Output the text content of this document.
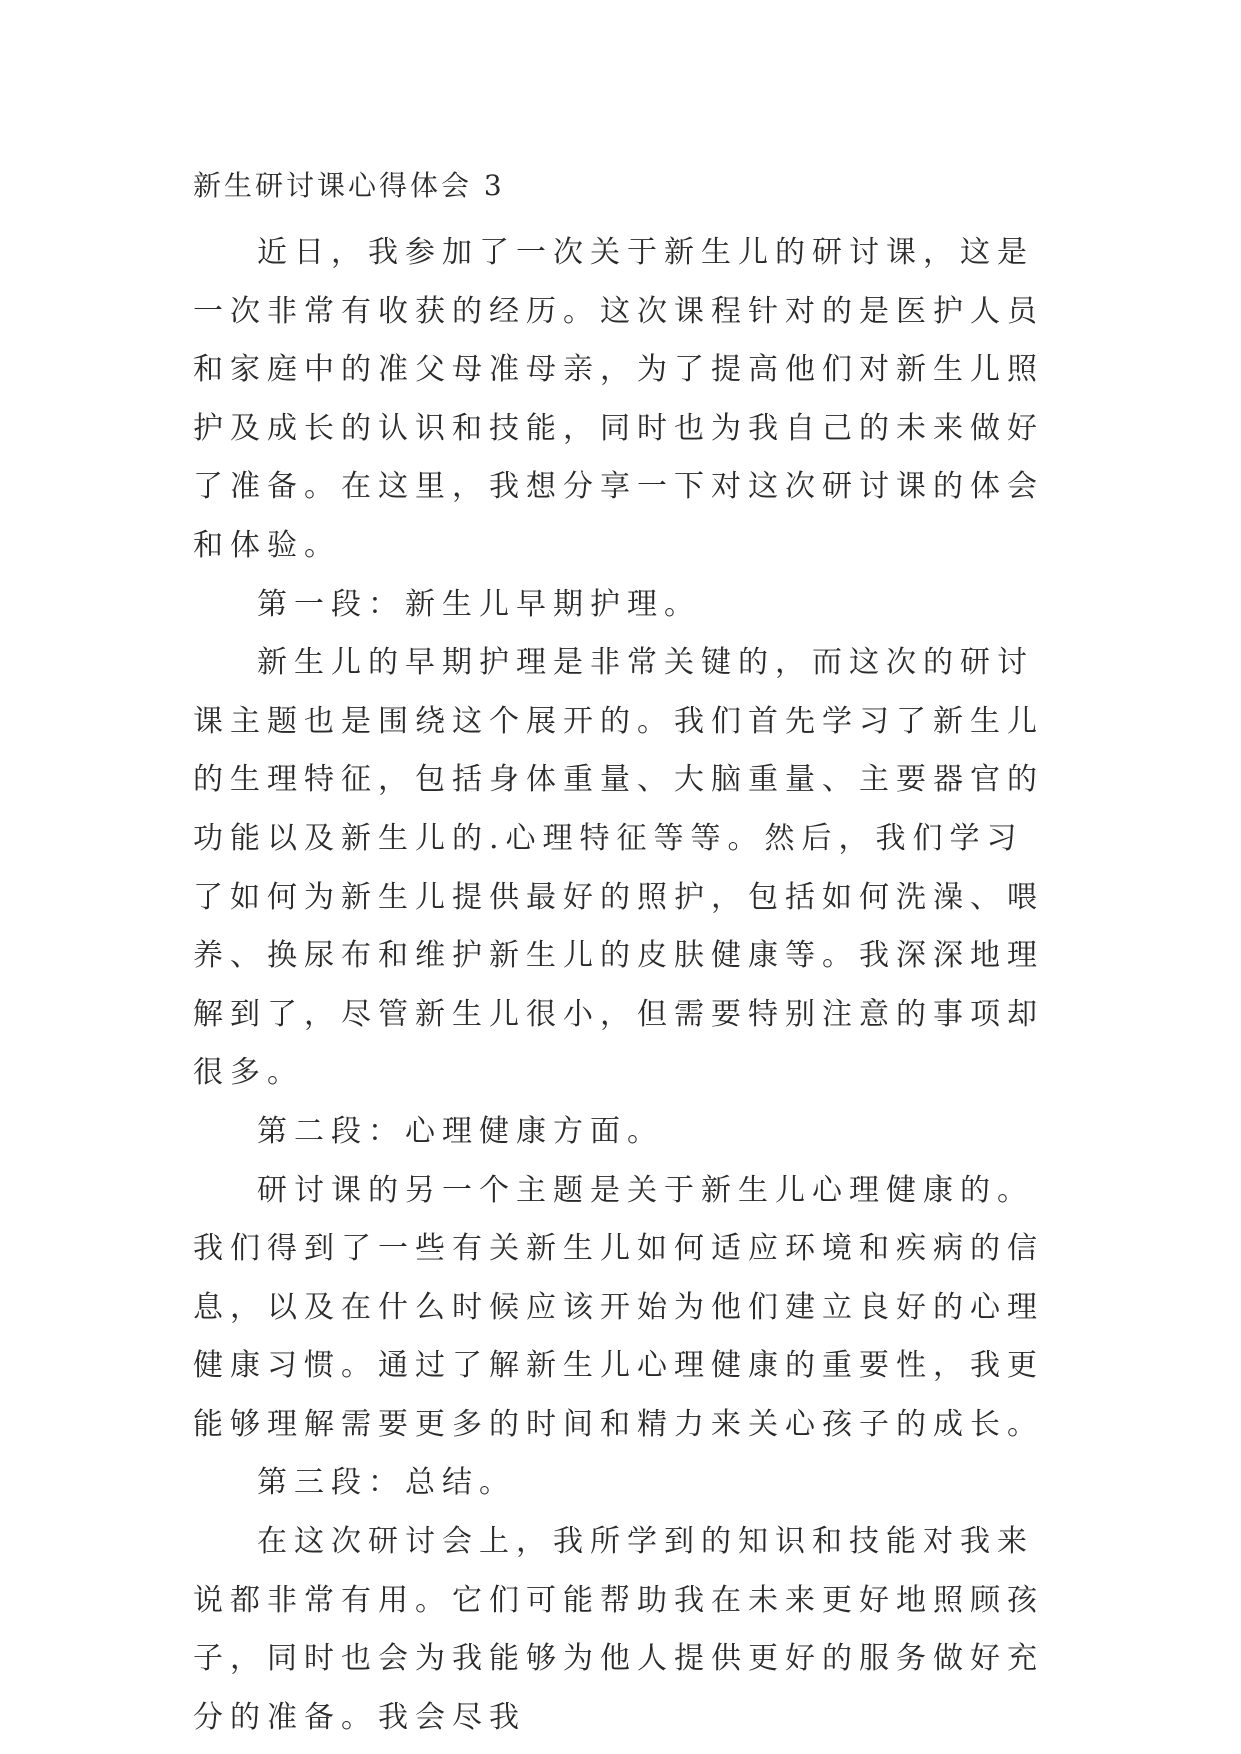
新生研讨课心得体会 3

近日，我参加了一次关于新生儿的研讨课，这是一次非常有收获的经历。这次课程针对的是医护人员和家庭中的准父母准母亲，为了提高他们对新生儿照护及成长的认识和技能，同时也为我自己的未来做好了准备。在这里，我想分享一下对这次研讨课的体会和体验。

第一段：新生儿早期护理。

新生儿的早期护理是非常关键的，而这次的研讨课主题也是围绕这个展开的。我们首先学习了新生儿的生理特征，包括身体重量、大脑重量、主要器官的功能以及新生儿的.心理特征等等。然后，我们学习了如何为新生儿提供最好的照护，包括如何洗澡、喂养、换尿布和维护新生儿的皮肤健康等。我深深地理解到了，尽管新生儿很小，但需要特别注意的事项却很多。

第二段：心理健康方面。

研讨课的另一个主题是关于新生儿心理健康的。我们得到了一些有关新生儿如何适应环境和疾病的信息，以及在什么时候应该开始为他们建立良好的心理健康习惯。通过了解新生儿心理健康的重要性，我更能够理解需要更多的时间和精力来关心孩子的成长。

第三段：总结。

在这次研讨会上，我所学到的知识和技能对我来说都非常有用。它们可能帮助我在未来更好地照顾孩子，同时也会为我能够为他人提供更好的服务做好充分的准备。我会尽我
